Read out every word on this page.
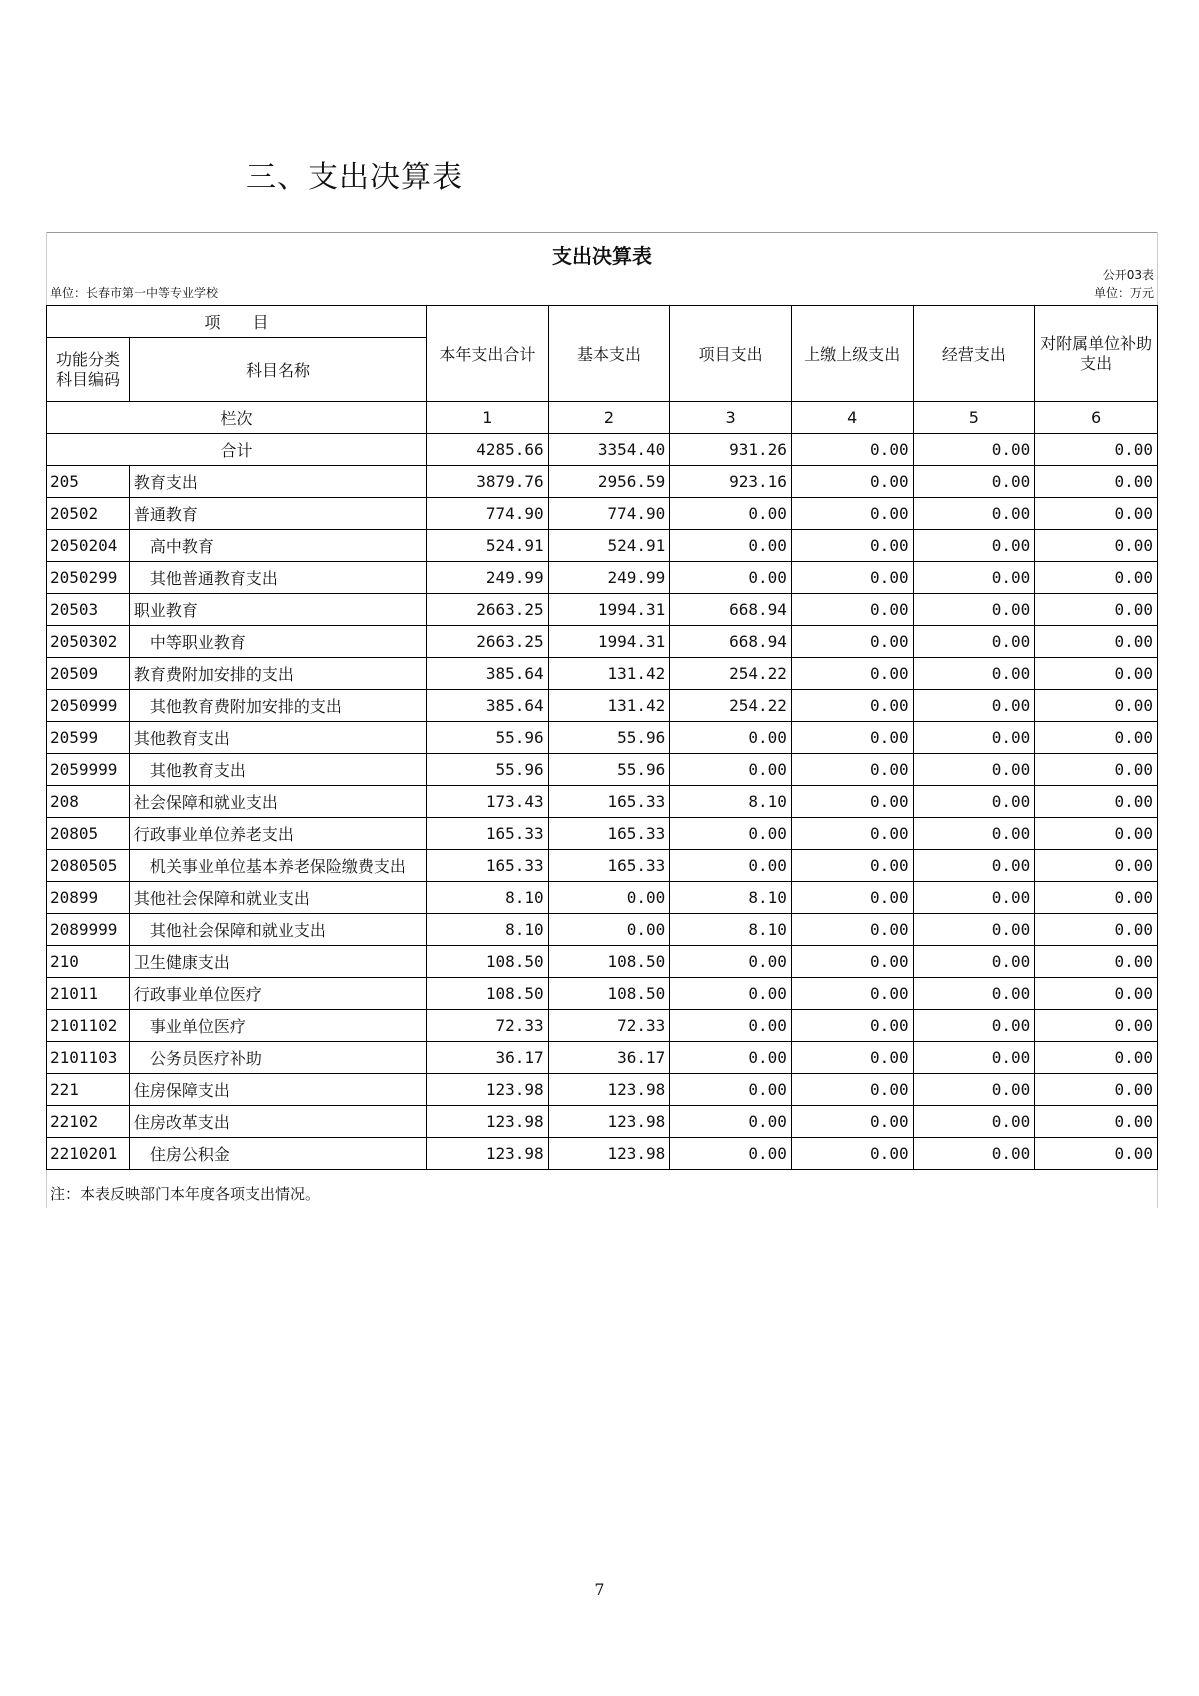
三、支出决算表
支出决算表
公开03表
单位：长春市第一中等专业学校	单位：万元
项　　目		本年支出合计	基本支出	项目支出	上缴上级支出	经营支出	对附属单位补助支出
功能分类科目编码	科目名称						
栏次		1	2	3	4	5	6
合计		4285.66	3354.40	931.26	0.00	0.00	0.00
205	教育支出	3879.76	2956.59	923.16	0.00	0.00	0.00
20502	普通教育	774.90	774.90	0.00	0.00	0.00	0.00
2050204	高中教育	524.91	524.91	0.00	0.00	0.00	0.00
2050299	其他普通教育支出	249.99	249.99	0.00	0.00	0.00	0.00
20503	职业教育	2663.25	1994.31	668.94	0.00	0.00	0.00
2050302	中等职业教育	2663.25	1994.31	668.94	0.00	0.00	0.00
20509	教育费附加安排的支出	385.64	131.42	254.22	0.00	0.00	0.00
2050999	其他教育费附加安排的支出	385.64	131.42	254.22	0.00	0.00	0.00
20599	其他教育支出	55.96	55.96	0.00	0.00	0.00	0.00
2059999	其他教育支出	55.96	55.96	0.00	0.00	0.00	0.00
208	社会保障和就业支出	173.43	165.33	8.10	0.00	0.00	0.00
20805	行政事业单位养老支出	165.33	165.33	0.00	0.00	0.00	0.00
2080505	机关事业单位基本养老保险缴费支出	165.33	165.33	0.00	0.00	0.00	0.00
20899	其他社会保障和就业支出	8.10	0.00	8.10	0.00	0.00	0.00
2089999	其他社会保障和就业支出	8.10	0.00	8.10	0.00	0.00	0.00
210	卫生健康支出	108.50	108.50	0.00	0.00	0.00	0.00
21011	行政事业单位医疗	108.50	108.50	0.00	0.00	0.00	0.00
2101102	事业单位医疗	72.33	72.33	0.00	0.00	0.00	0.00
2101103	公务员医疗补助	36.17	36.17	0.00	0.00	0.00	0.00
221	住房保障支出	123.98	123.98	0.00	0.00	0.00	0.00
22102	住房改革支出	123.98	123.98	0.00	0.00	0.00	0.00
2210201	住房公积金	123.98	123.98	0.00	0.00	0.00	0.00
注：本表反映部门本年度各项支出情况。
7
